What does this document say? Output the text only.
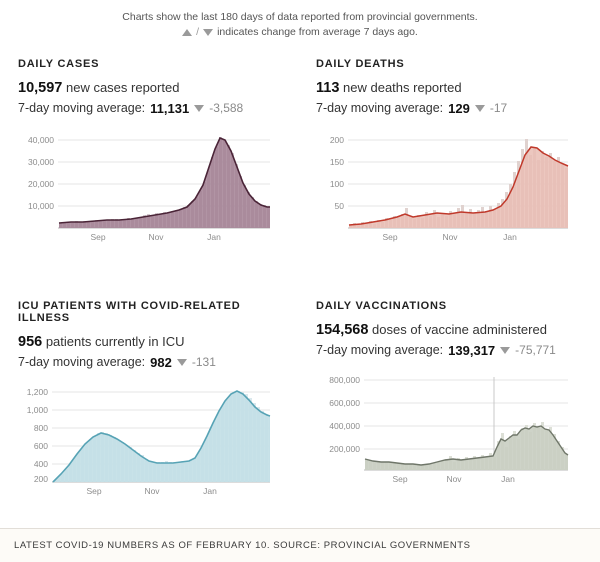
Charts show the last 180 days of data reported from provincial governments.
/ indicates change from average 7 days ago.
DAILY CASES
10,597 new cases reported
7-day moving average: 11,131 -3,588
40,000
30,000
20,000
10,000
Sep	Nov	Jan
DAILY DEATHS
113 new deaths reported
7-day moving average: 129 -17
200
150
100
50
Sep	Nov	Jan
ICU PATIENTS WITH COVID-RELATED ILLNESS
956 patients currently in ICU
7-day moving average: 982 -131
1,200
1,000
800
600
400
200
Sep	Nov	Jan
DAILY VACCINATIONS
154,568 doses of vaccine administered
7-day moving average: 139,317 -75,771
800,000
600,000
400,000
200,000
Sep	Nov	Jan
LATEST COVID-19 NUMBERS AS OF FEBRUARY 10. SOURCE: PROVINCIAL GOVERNMENTS
